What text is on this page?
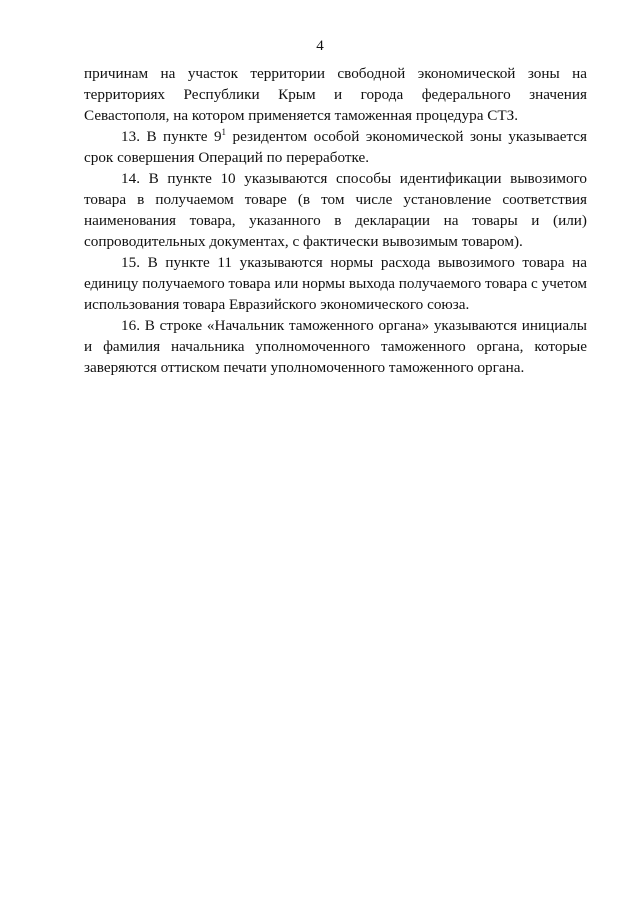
4

причинам на участок территории свободной экономической зоны на территориях Республики Крым и города федерального значения Севастополя, на котором применяется таможенная процедура СТЗ.

13. В пункте $9^1$ резидентом особой экономической зоны указывается срок совершения Операций по переработке.

14. В пункте 10 указываются способы идентификации вывозимого товара в получаемом товаре (в том числе установление соответствия наименования товара, указанного в декларации на товары и (или) сопроводительных документах, с фактически вывозимым товаром).

15. В пункте 11 указываются нормы расхода вывозимого товара на единицу получаемого товара или нормы выхода получаемого товара с учетом использования товара Евразийского экономического союза.

16. В строке «Начальник таможенного органа» указываются инициалы и фамилия начальника уполномоченного таможенного органа, которые заверяются оттиском печати уполномоченного таможенного органа.
